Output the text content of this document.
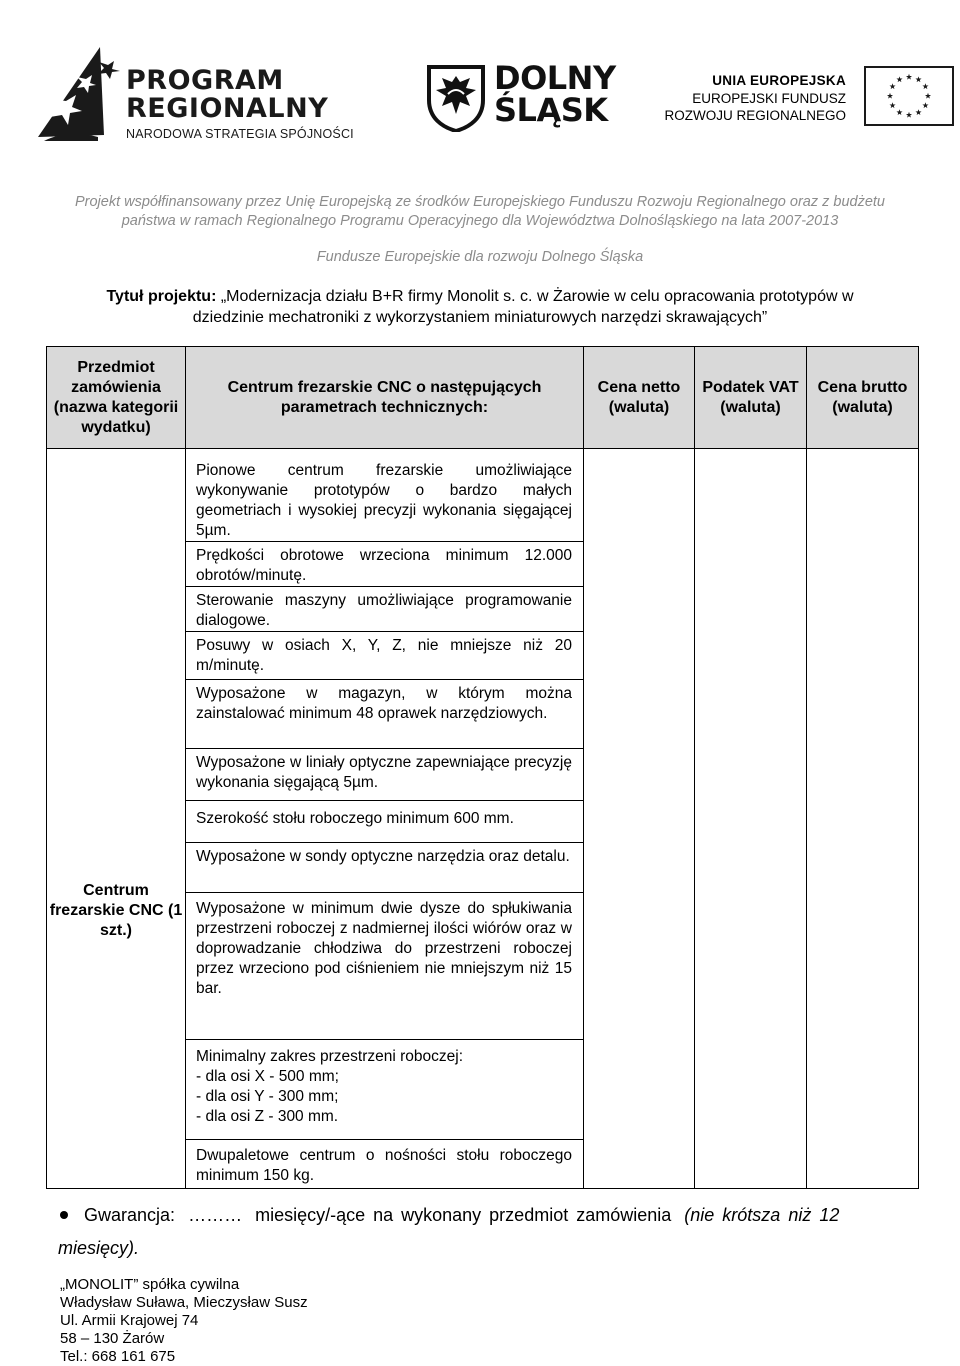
PROGRAM
REGIONALNY
NARODOWA STRATEGIA SPÓJNOŚCI
DOLNY
ŚLĄSK
UNIA EUROPEJSKA
EUROPEJSKI FUNDUSZ
ROZWOJU REGIONALNEGO
Projekt współfinansowany przez Unię Europejską ze środków Europejskiego Funduszu Rozwoju Regionalnego oraz z budżetu
państwa w ramach Regionalnego Programu Operacyjnego dla Województwa Dolnośląskiego na lata 2007-2013
Fundusze Europejskie dla rozwoju Dolnego Śląska
Tytuł projektu: „Modernizacja działu B+R firmy Monolit s. c. w Żarowie w celu opracowania prototypów w
dziedzinie mechatroniki z wykorzystaniem miniaturowych narzędzi skrawających”
Przedmiot zamówienia (nazwa kategorii wydatku)	Centrum frezarskie CNC o następujących parametrach technicznych:	Cena netto (waluta)	Podatek VAT (waluta)	Cena brutto (waluta)

Centrum frezarskie CNC (1 szt.)	Pionowe centrum frezarskie umożliwiające wykonywanie prototypów o bardzo małych geometriach i wysokiej precyzji wykonania sięgającej 5µm.			
	Prędkości obrotowe wrzeciona minimum 12.000 obrotów/minutę.			
	Sterowanie maszyny umożliwiające programowanie dialogowe.			
	Posuwy w osiach X, Y, Z, nie mniejsze niż 20 m/minutę.			
	Wyposażone w magazyn, w którym można zainstalować minimum 48 oprawek narzędziowych.			
	Wyposażone w liniały optyczne zapewniające precyzję wykonania sięgającą 5µm.			
	Szerokość stołu roboczego minimum 600 mm.			
	Wyposażone w sondy optyczne narzędzia oraz detalu.			
	Wyposażone w minimum dwie dysze do spłukiwania przestrzeni roboczej z nadmiernej ilości wiórów oraz w doprowadzanie chłodziwa do przestrzeni roboczej przez wrzeciono pod ciśnieniem nie mniejszym niż 15 bar.			

	Minimalny zakres przestrzeni roboczej:
- dla osi X - 500 mm;
- dla osi Y - 300 mm;
- dla osi Z - 300 mm.			

	Dwupaletowe centrum o nośności stołu roboczego minimum 150 kg.			
Gwarancja: ……… miesięcy/-ące na wykonany przedmiot zamówienia (nie krótsza niż 12
miesięcy).
„MONOLIT” spółka cywilna
Władysław Suława, Mieczysław Susz
Ul. Armii Krajowej 74
58 – 130 Żarów
Tel.: 668 161 675
